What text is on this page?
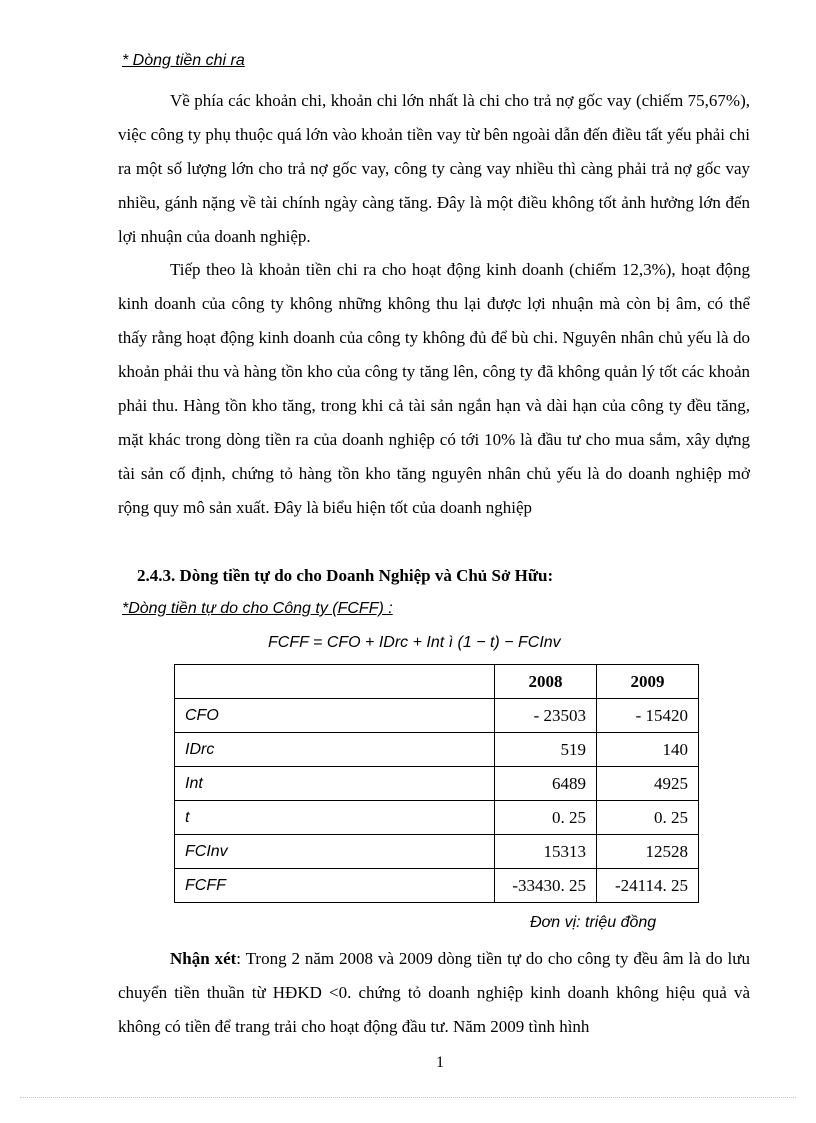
* Dòng tiền chi ra

Về phía các khoản chi, khoản chi lớn nhất là chi cho trả nợ gốc vay (chiếm 75,67%), việc công ty phụ thuộc quá lớn vào khoản tiền vay từ bên ngoài dẫn đến điều tất yếu phải chi ra một số lượng lớn cho trả nợ gốc vay, công ty càng vay nhiều thì càng phải trả nợ gốc vay nhiều, gánh nặng về tài chính ngày càng tăng. Đây là một điều không tốt ảnh hưởng lớn đến lợi nhuận của doanh nghiệp.

Tiếp theo là khoản tiền chi ra cho hoạt động kinh doanh (chiếm 12,3%), hoạt động kinh doanh của công ty không những không thu lại được lợi nhuận mà còn bị âm, có thể thấy rằng hoạt động kinh doanh của công ty không đủ để bù chi. Nguyên nhân chủ yếu là do khoản phải thu và hàng tồn kho của công ty tăng lên, công ty đã không quản lý tốt các khoản phải thu. Hàng tồn kho tăng, trong khi cả tài sản ngắn hạn và dài hạn của công ty đều tăng, mặt khác trong dòng tiền ra của doanh nghiệp có tới 10% là đầu tư cho mua sắm, xây dựng tài sản cố định, chứng tỏ hàng tồn kho tăng nguyên nhân chủ yếu là do doanh nghiệp mở rộng quy mô sản xuất. Đây là biểu hiện tốt của doanh nghiệp

2.4.3. Dòng tiền tự do cho Doanh Nghiệp và Chủ Sở Hữu:
*Dòng tiền tự do cho Công ty (FCFF) :
FCFF = CFO + IDrc + Int ì (1 − t) − FCInv
	2008	2009
CFO	- 23503	- 15420
IDrc	519	140
Int	6489	4925
t	0. 25	0. 25
FCInv	15313	12528
FCFF	-33430. 25	-24114. 25
Đơn vị: triệu đồng

Nhận xét: Trong 2 năm 2008 và 2009 dòng tiền tự do cho công ty đều âm là do lưu chuyển tiền thuần từ HĐKD <0. chứng tỏ doanh nghiệp kinh doanh không hiệu quả và không có tiền để trang trải cho hoạt động đầu tư. Năm 2009 tình hình

1
